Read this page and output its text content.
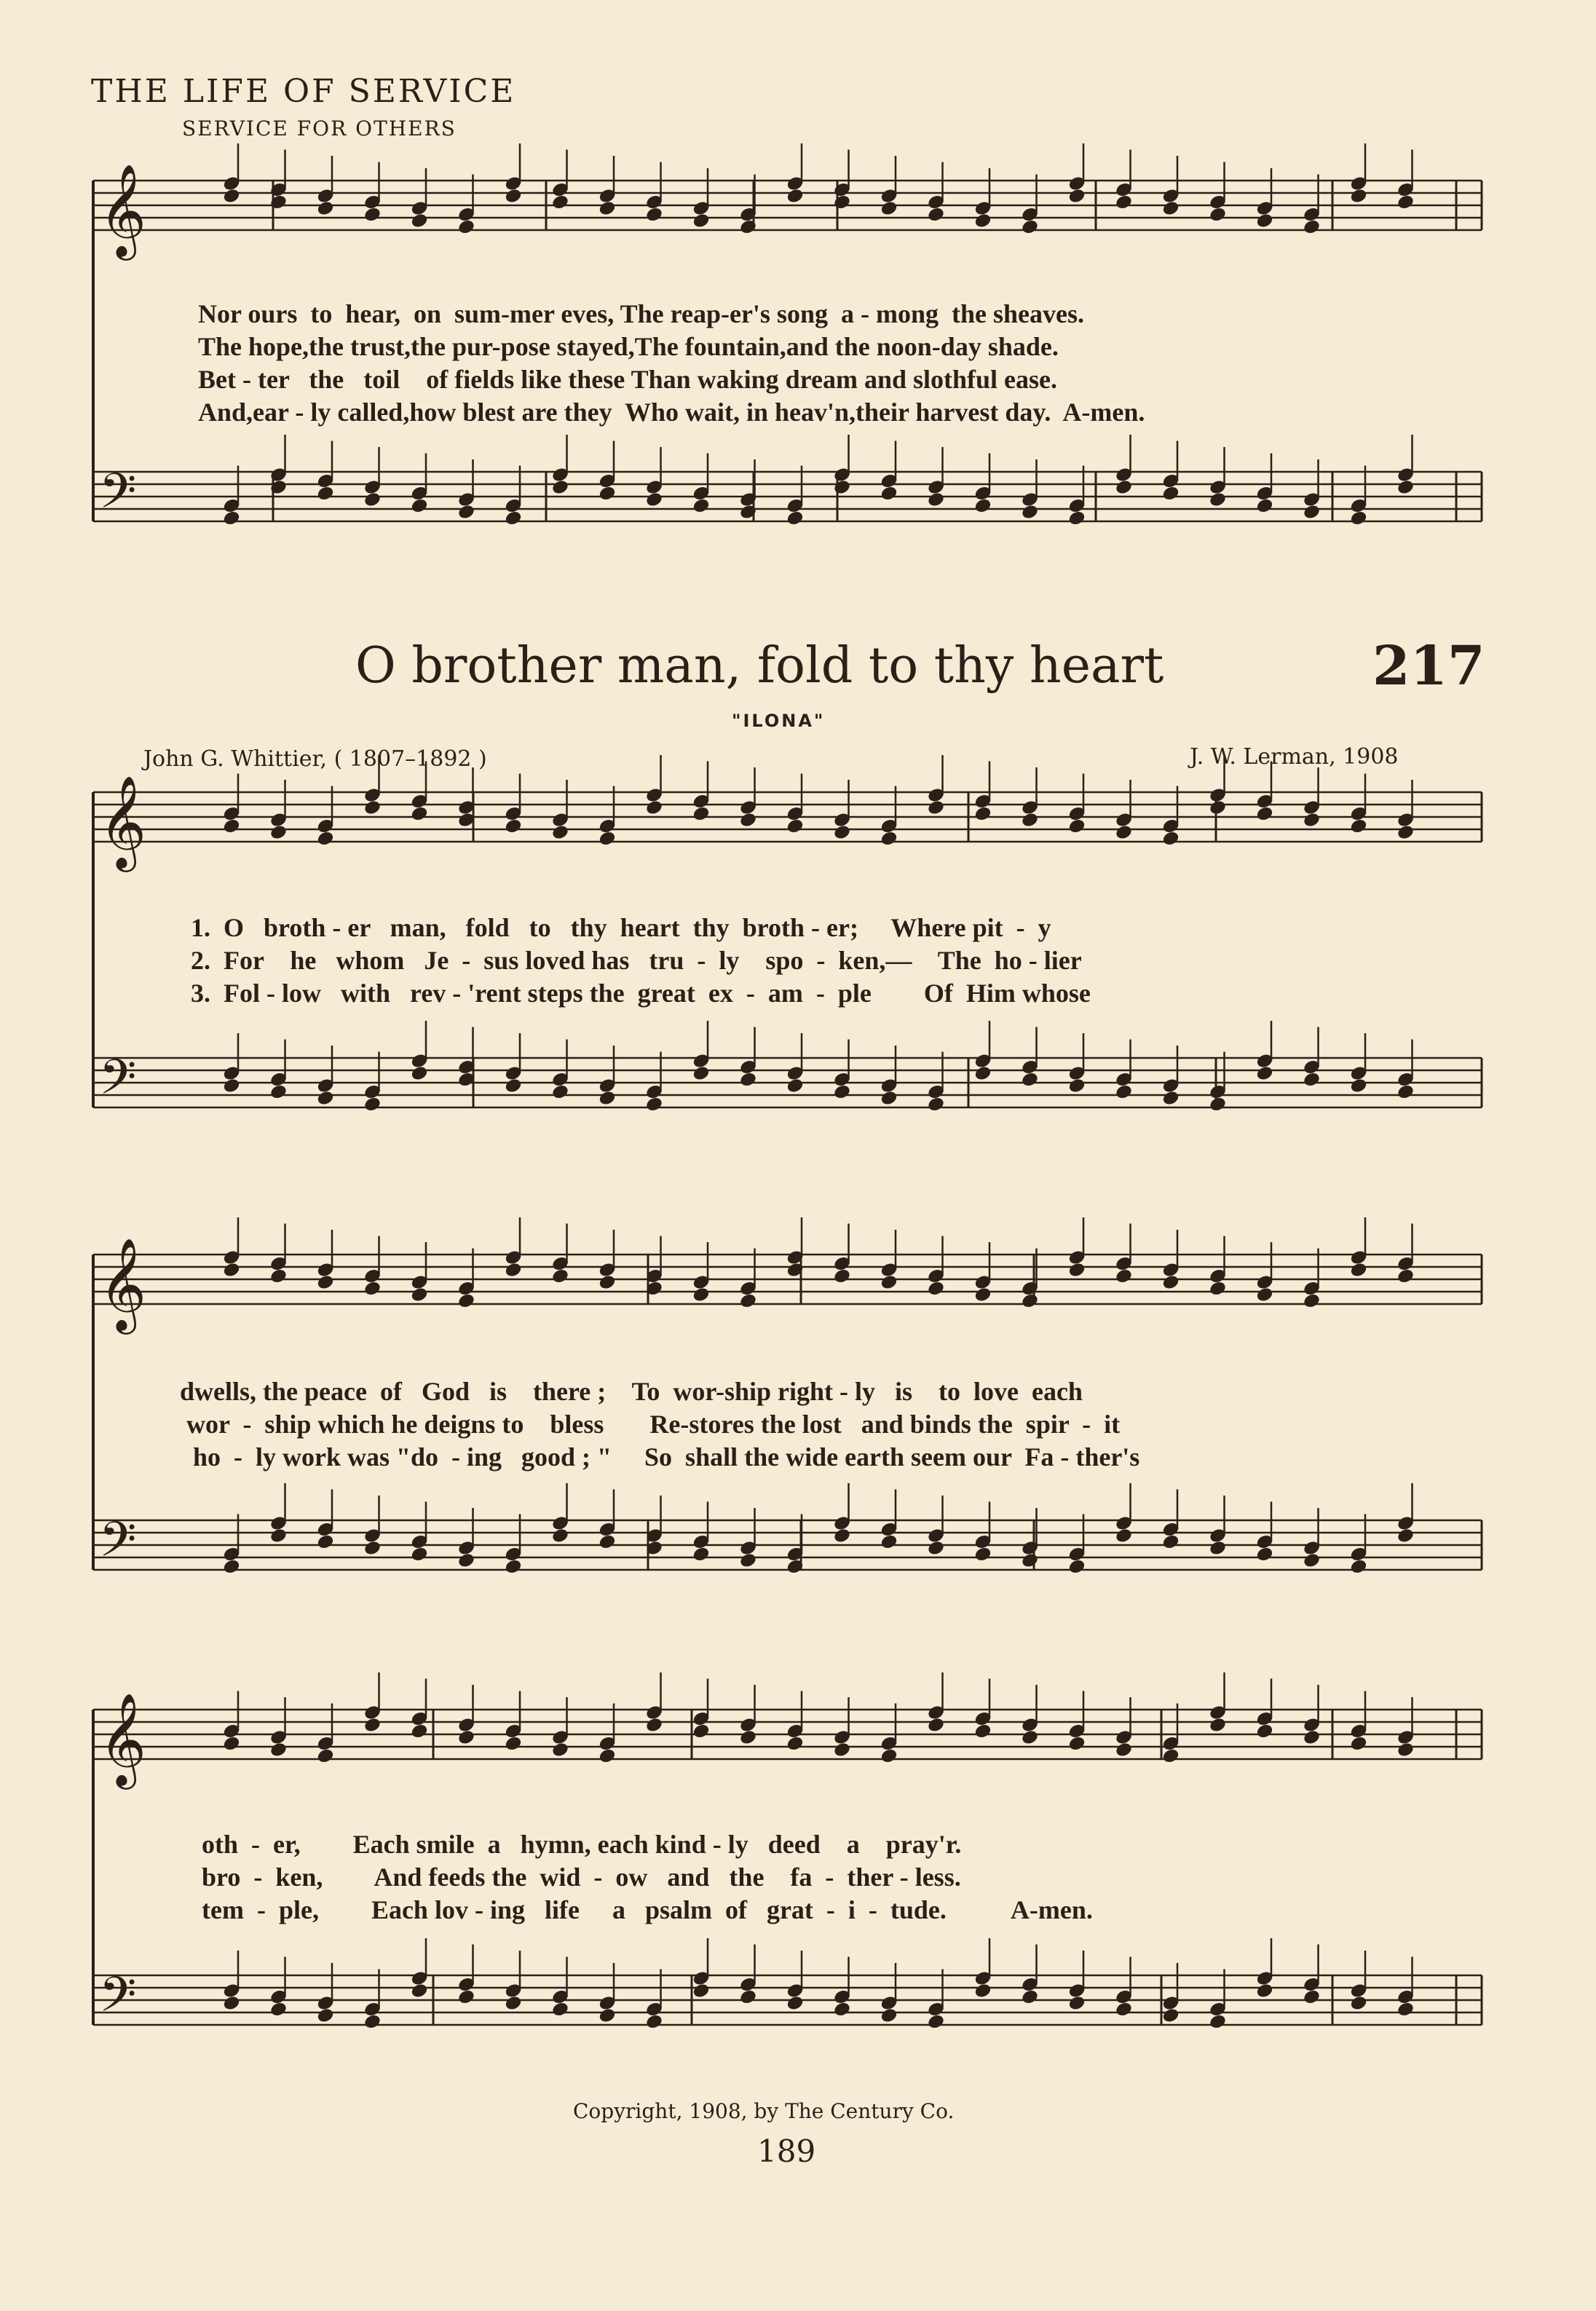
𝄞
𝄢
𝄞
𝄢
𝄞
𝄢
𝄞
𝄢
THE LIFE OF SERVICE
SERVICE FOR OTHERS
Nor ours  to  hear,  on  sum-mer eves, The reap-er's song  a - mong  the sheaves.
The hope,the trust,the pur-pose stayed,The fountain,and the noon-day shade.
Bet - ter   the   toil    of fields like these Than waking dream and slothful ease.
And,ear - ly called,how blest are they  Who wait, in heav'n,their harvest day.  A-men.
O brother man, fold to thy heart	217
"ILONA"
John G. Whittier, ( 1807–1892 )	J. W. Lerman, 1908
1.  O   broth - er   man,   fold   to   thy  heart  thy  broth - er;     Where pit  -  y
2.  For    he   whom   Je  -  sus loved has   tru  -  ly    spo  -  ken,—    The  ho - lier
3.  Fol - low   with   rev - 'rent steps the  great  ex  -  am  -  ple        Of  Him whose
dwells, the peace  of   God   is    there ;    To  wor-ship right - ly   is    to  love  each
wor  -  ship which he deigns to    bless       Re-stores the lost   and binds the  spir  -  it
ho  -  ly work was "do  - ing   good ; "     So  shall the wide earth seem our  Fa - ther's
oth  -  er,        Each smile  a   hymn, each kind - ly   deed    a    pray'r.
bro  -  ken,        And feeds the  wid  -  ow   and   the    fa  -  ther - less.
tem  -  ple,        Each lov - ing   life     a   psalm  of   grat  -  i  -  tude.          A-men.
Copyright, 1908, by The Century Co.
189
